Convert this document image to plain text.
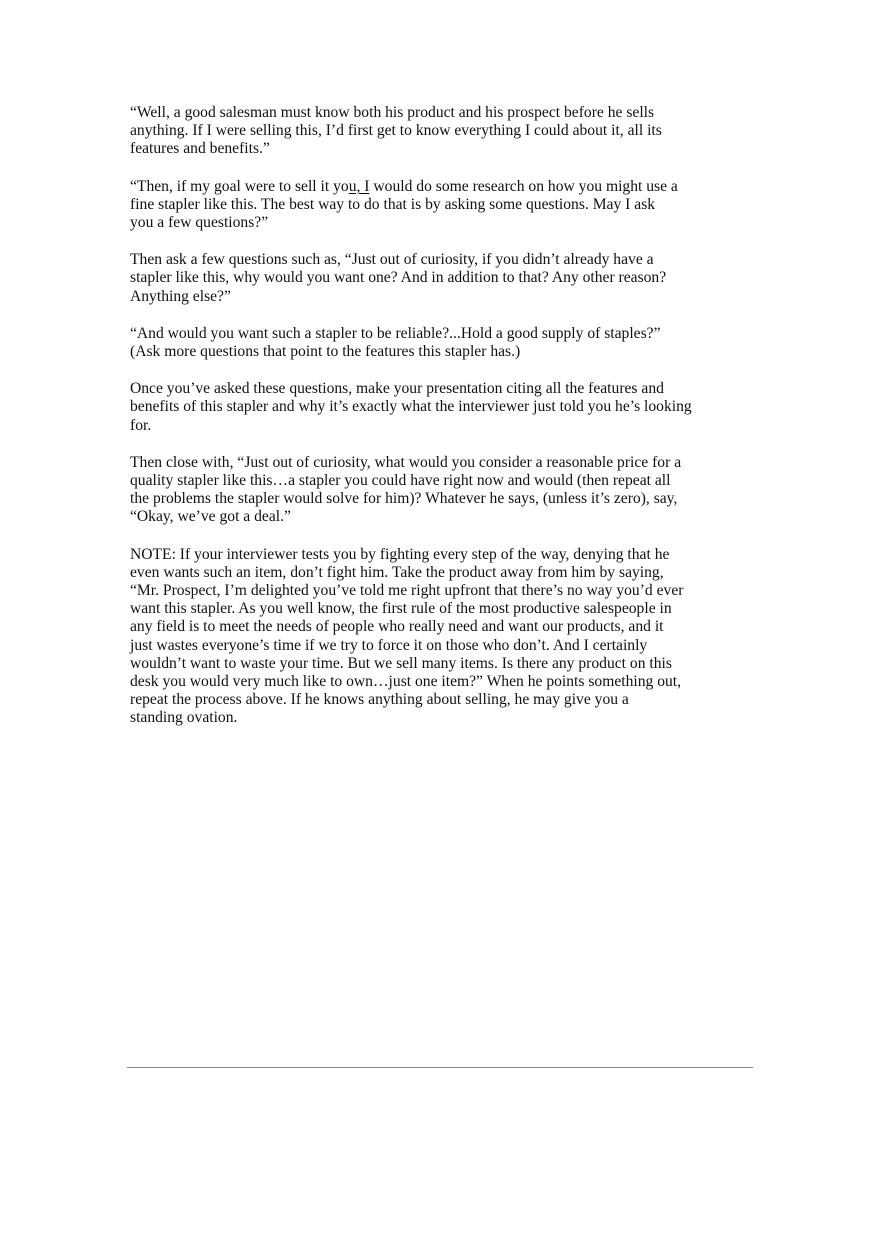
“Well, a good salesman must know both his product and his prospect before he sells
anything. If I were selling this, I’d first get to know everything I could about it, all its
features and benefits.”

“Then, if my goal were to sell it you, I would do some research on how you might use a
fine stapler like this. The best way to do that is by asking some questions. May I ask
you a few questions?”

Then ask a few questions such as, “Just out of curiosity, if you didn’t already have a
stapler like this, why would you want one? And in addition to that? Any other reason?
Anything else?”

“And would you want such a stapler to be reliable?...Hold a good supply of staples?”
(Ask more questions that point to the features this stapler has.)

Once you’ve asked these questions, make your presentation citing all the features and
benefits of this stapler and why it’s exactly what the interviewer just told you he’s looking
for.

Then close with, “Just out of curiosity, what would you consider a reasonable price for a
quality stapler like this…a stapler you could have right now and would (then repeat all
the problems the stapler would solve for him)? Whatever he says, (unless it’s zero), say,
“Okay, we’ve got a deal.”

NOTE: If your interviewer tests you by fighting every step of the way, denying that he
even wants such an item, don’t fight him. Take the product away from him by saying,
“Mr. Prospect, I’m delighted you’ve told me right upfront that there’s no way you’d ever
want this stapler. As you well know, the first rule of the most productive salespeople in
any field is to meet the needs of people who really need and want our products, and it
just wastes everyone’s time if we try to force it on those who don’t. And I certainly
wouldn’t want to waste your time. But we sell many items. Is there any product on this
desk you would very much like to own…just one item?” When he points something out,
repeat the process above. If he knows anything about selling, he may give you a
standing ovation.
